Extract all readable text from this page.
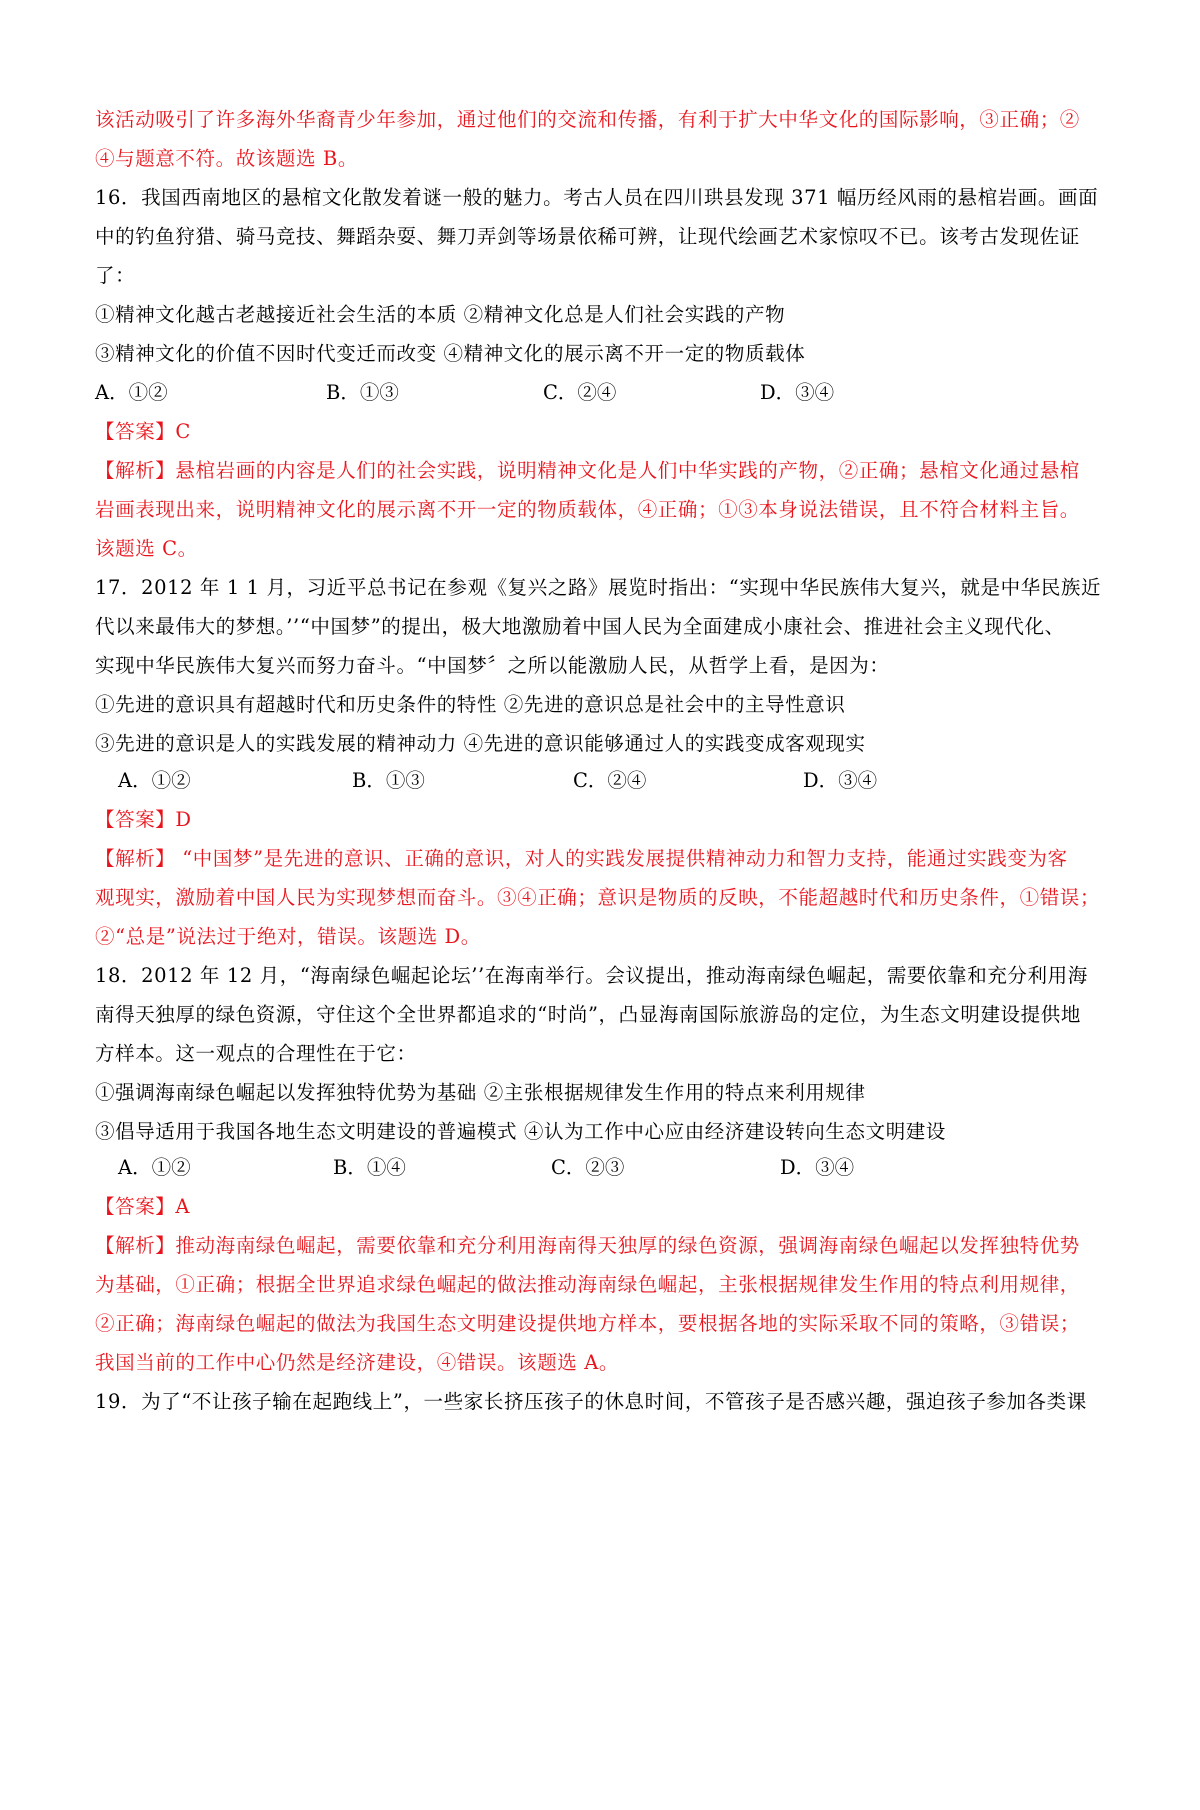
该活动吸引了许多海外华裔青少年参加，通过他们的交流和传播，有利于扩大中华文化的国际影响，③正确；②
④与题意不符。故该题选 B。
16．我国西南地区的悬棺文化散发着谜一般的魅力。考古人员在四川珙县发现 371 幅历经风雨的悬棺岩画。画面
中的钓鱼狩猎、骑马竞技、舞蹈杂耍、舞刀弄剑等场景依稀可辨，让现代绘画艺术家惊叹不已。该考古发现佐证
了：
①精神文化越古老越接近社会生活的本质 ②精神文化总是人们社会实践的产物
③精神文化的价值不因时代变迁而改变 ④精神文化的展示离不开一定的物质载体
A．①②	B．①③	C．②④	D．③④
【答案】C
【解析】悬棺岩画的内容是人们的社会实践，说明精神文化是人们中华实践的产物，②正确；悬棺文化通过悬棺
岩画表现出来，说明精神文化的展示离不开一定的物质载体，④正确；①③本身说法错误，且不符合材料主旨。
该题选 C。
17．2012 年 1 1 月，习近平总书记在参观《复兴之路》展览时指出：“实现中华民族伟大复兴，就是中华民族近
代以来最伟大的梦想。’’“中国梦”的提出，极大地激励着中国人民为全面建成小康社会、推进社会主义现代化、
实现中华民族伟大复兴而努力奋斗。“中国梦〞之所以能激励人民，从哲学上看，是因为：
①先进的意识具有超越时代和历史条件的特性 ②先进的意识总是社会中的主导性意识
③先进的意识是人的实践发展的精神动力 ④先进的意识能够通过人的实践变成客观现实
A．①②	B．①③	C．②④	D．③④
【答案】D
【解析】 “中国梦”是先进的意识、正确的意识，对人的实践发展提供精神动力和智力支持，能通过实践变为客
观现实，激励着中国人民为实现梦想而奋斗。③④正确；意识是物质的反映，不能超越时代和历史条件，①错误；
②“总是”说法过于绝对，错误。该题选 D。
18．2012 年 12 月，“海南绿色崛起论坛’’在海南举行。会议提出，推动海南绿色崛起，需要依靠和充分利用海
南得天独厚的绿色资源，守住这个全世界都追求的“时尚”，凸显海南国际旅游岛的定位，为生态文明建设提供地
方样本。这一观点的合理性在于它：
①强调海南绿色崛起以发挥独特优势为基础 ②主张根据规律发生作用的特点来利用规律
③倡导适用于我国各地生态文明建设的普遍模式 ④认为工作中心应由经济建设转向生态文明建设
A．①②	B．①④	C．②③	D．③④
【答案】A
【解析】推动海南绿色崛起，需要依靠和充分利用海南得天独厚的绿色资源，强调海南绿色崛起以发挥独特优势
为基础，①正确；根据全世界追求绿色崛起的做法推动海南绿色崛起，主张根据规律发生作用的特点利用规律，
②正确；海南绿色崛起的做法为我国生态文明建设提供地方样本，要根据各地的实际采取不同的策略，③错误；
我国当前的工作中心仍然是经济建设，④错误。该题选 A。
19．为了“不让孩子输在起跑线上”，一些家长挤压孩子的休息时间，不管孩子是否感兴趣，强迫孩子参加各类课
